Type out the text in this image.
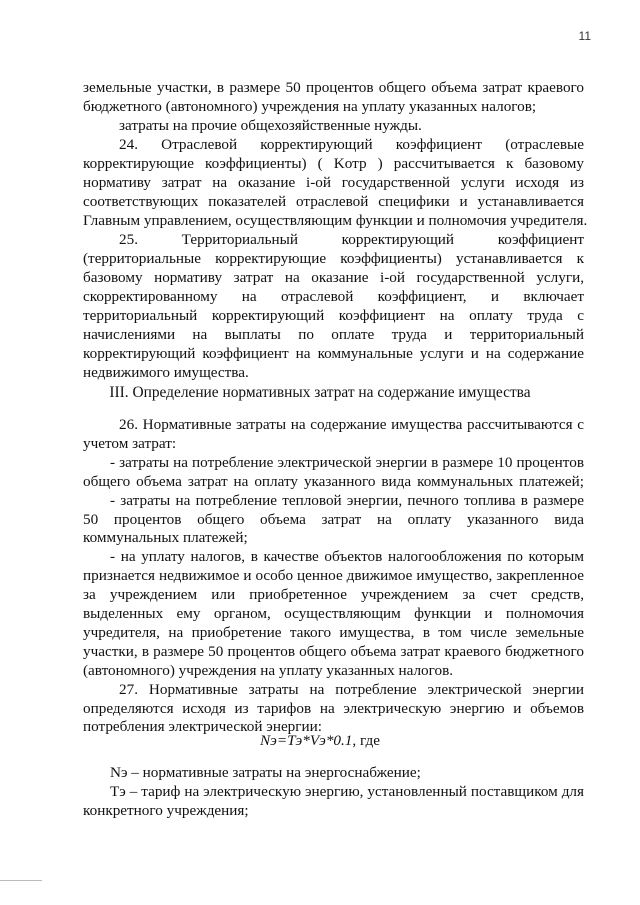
11
земельные участки, в размере 50 процентов общего объема затрат краевого
бюджетного (автономного) учреждения на уплату указанных налогов;
затраты на прочие общехозяйственные нужды.
24. Отраслевой корректирующий коэффициент (отраслевые
корректирующие коэффициенты) ( Kотр ) рассчитывается к базовому
нормативу затрат на оказание i-ой государственной услуги исходя из
соответствующих показателей отраслевой специфики и устанавливается
Главным управлением, осуществляющим функции и полномочия учредителя.
25. Территориальный корректирующий коэффициент
(территориальные корректирующие коэффициенты) устанавливается к
базовому нормативу затрат на оказание i-ой государственной услуги,
скорректированному на отраслевой коэффициент, и включает
территориальный корректирующий коэффициент на оплату труда с
начислениями на выплаты по оплате труда и территориальный
корректирующий коэффициент на коммунальные услуги и на содержание
недвижимого имущества.
III. Определение нормативных затрат на содержание имущества
26. Нормативные затраты на содержание имущества рассчитываются с
учетом затрат:
- затраты на потребление электрической энергии в размере 10 процентов
общего объема затрат на оплату указанного вида коммунальных платежей;
- затраты на потребление тепловой энергии, печного топлива в размере
50 процентов общего объема затрат на оплату указанного вида
коммунальных платежей;
- на уплату налогов, в качестве объектов налогообложения по которым
признается недвижимое и особо ценное движимое имущество, закрепленное
за учреждением или приобретенное учреждением за счет средств,
выделенных ему органом, осуществляющим функции и полномочия
учредителя, на приобретение такого имущества, в том числе земельные
участки, в размере 50 процентов общего объема затрат краевого бюджетного
(автономного) учреждения на уплату указанных налогов.
27. Нормативные затраты на потребление электрической энергии
определяются исходя из тарифов на электрическую энергию и объемов
потребления электрической энергии:
Nэ=Tэ*Vэ*0.1, где
Nэ – нормативные затраты на энергоснабжение;
Tэ – тариф на электрическую энергию, установленный поставщиком для
конкретного учреждения;
